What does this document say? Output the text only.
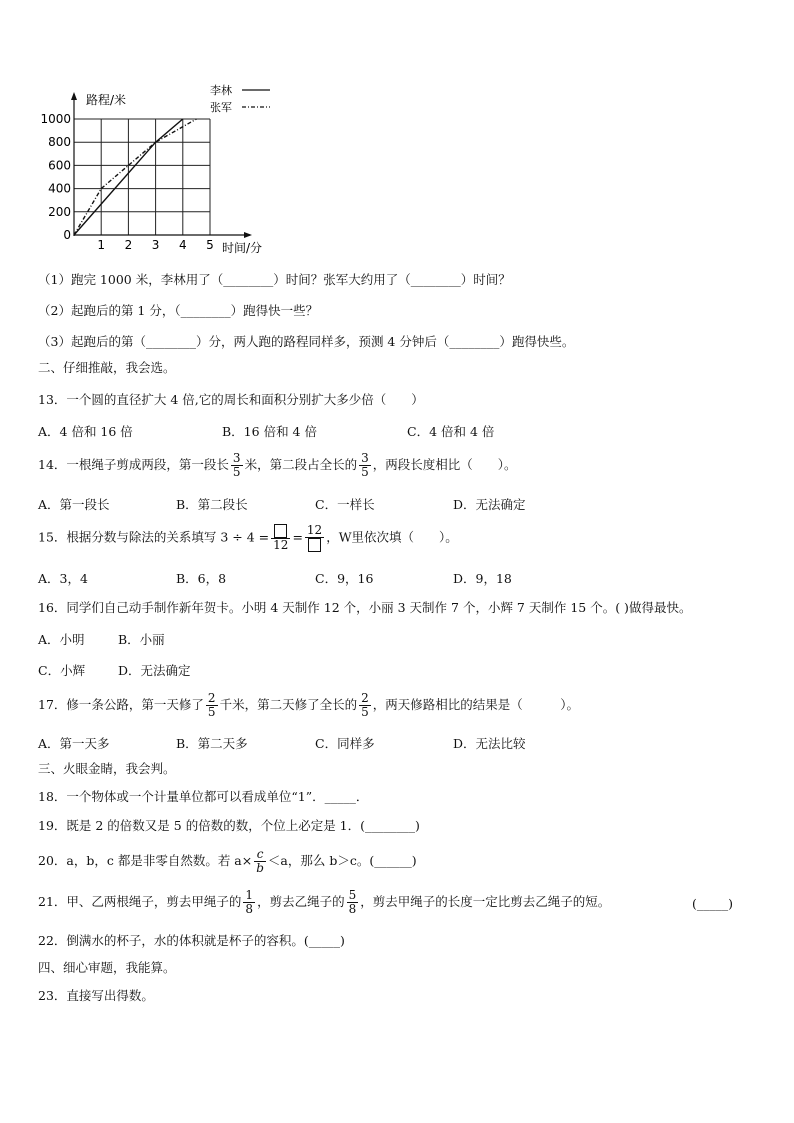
1 2 3 4 5
0
200
400
600
800
1000
路程/米
时间/分
李林
张军
（1）跑完 1000 米，李林用了（________）时间？张军大约用了（________）时间？
（2）起跑后的第 1 分，（________）跑得快一些？
（3）起跑后的第（________）分，两人跑的路程同样多，预测 4 分钟后（________）跑得快些。
二、仔细推敲，我会选。
13．一个圆的直径扩大 4 倍,它的周长和面积分别扩大多少倍（　　）
A．4 倍和 16 倍	B．16 倍和 4 倍	C．4 倍和 4 倍
14．一根绳子剪成两段，第一段长 $\frac{3}{5}$ 米，第二段占全长的 $\frac{3}{5}$ ，两段长度相比（　　）。
A．第一段长	B．第二段长	C．一样长	D．无法确定
15．根据分数与除法的关系填写 3 ÷ 4 =
12
= 12 ，W里依次填（　　）。
A．3，4	B．6，8	C．9，16	D．9，18
16．同学们自己动手制作新年贺卡。小明 4 天制作 12 个，小丽 3 天制作 7 个，小辉 7 天制作 15 个。( )做得最快。
A．小明	B．小丽
C．小辉	D．无法确定
17．修一条公路，第一天修了 $\frac{2}{5}$ 千米，第二天修了全长的 $\frac{2}{5}$ ，两天修路相比的结果是（　　　）。
A．第一天多	B．第二天多	C．同样多	D．无法比较
三、火眼金睛，我会判。
18．一个物体或一个计量单位都可以看成单位“1”．_____．
19．既是 2 的倍数又是 5 的倍数的数，个位上必定是 1．(________)
20．a，b，c 都是非零自然数。若 $a\times \frac{c}{b} <a$，那么 b＞c。(______)
21．甲、乙两根绳子，剪去甲绳子的 $\frac{1}{8}$ ，剪去乙绳子的 $\frac{5}{8}$ ，剪去甲绳子的长度一定比剪去乙绳子的短。	(_____)
22．倒满水的杯子，水的体积就是杯子的容积。(_____)
四、细心审题，我能算。
23．直接写出得数。
